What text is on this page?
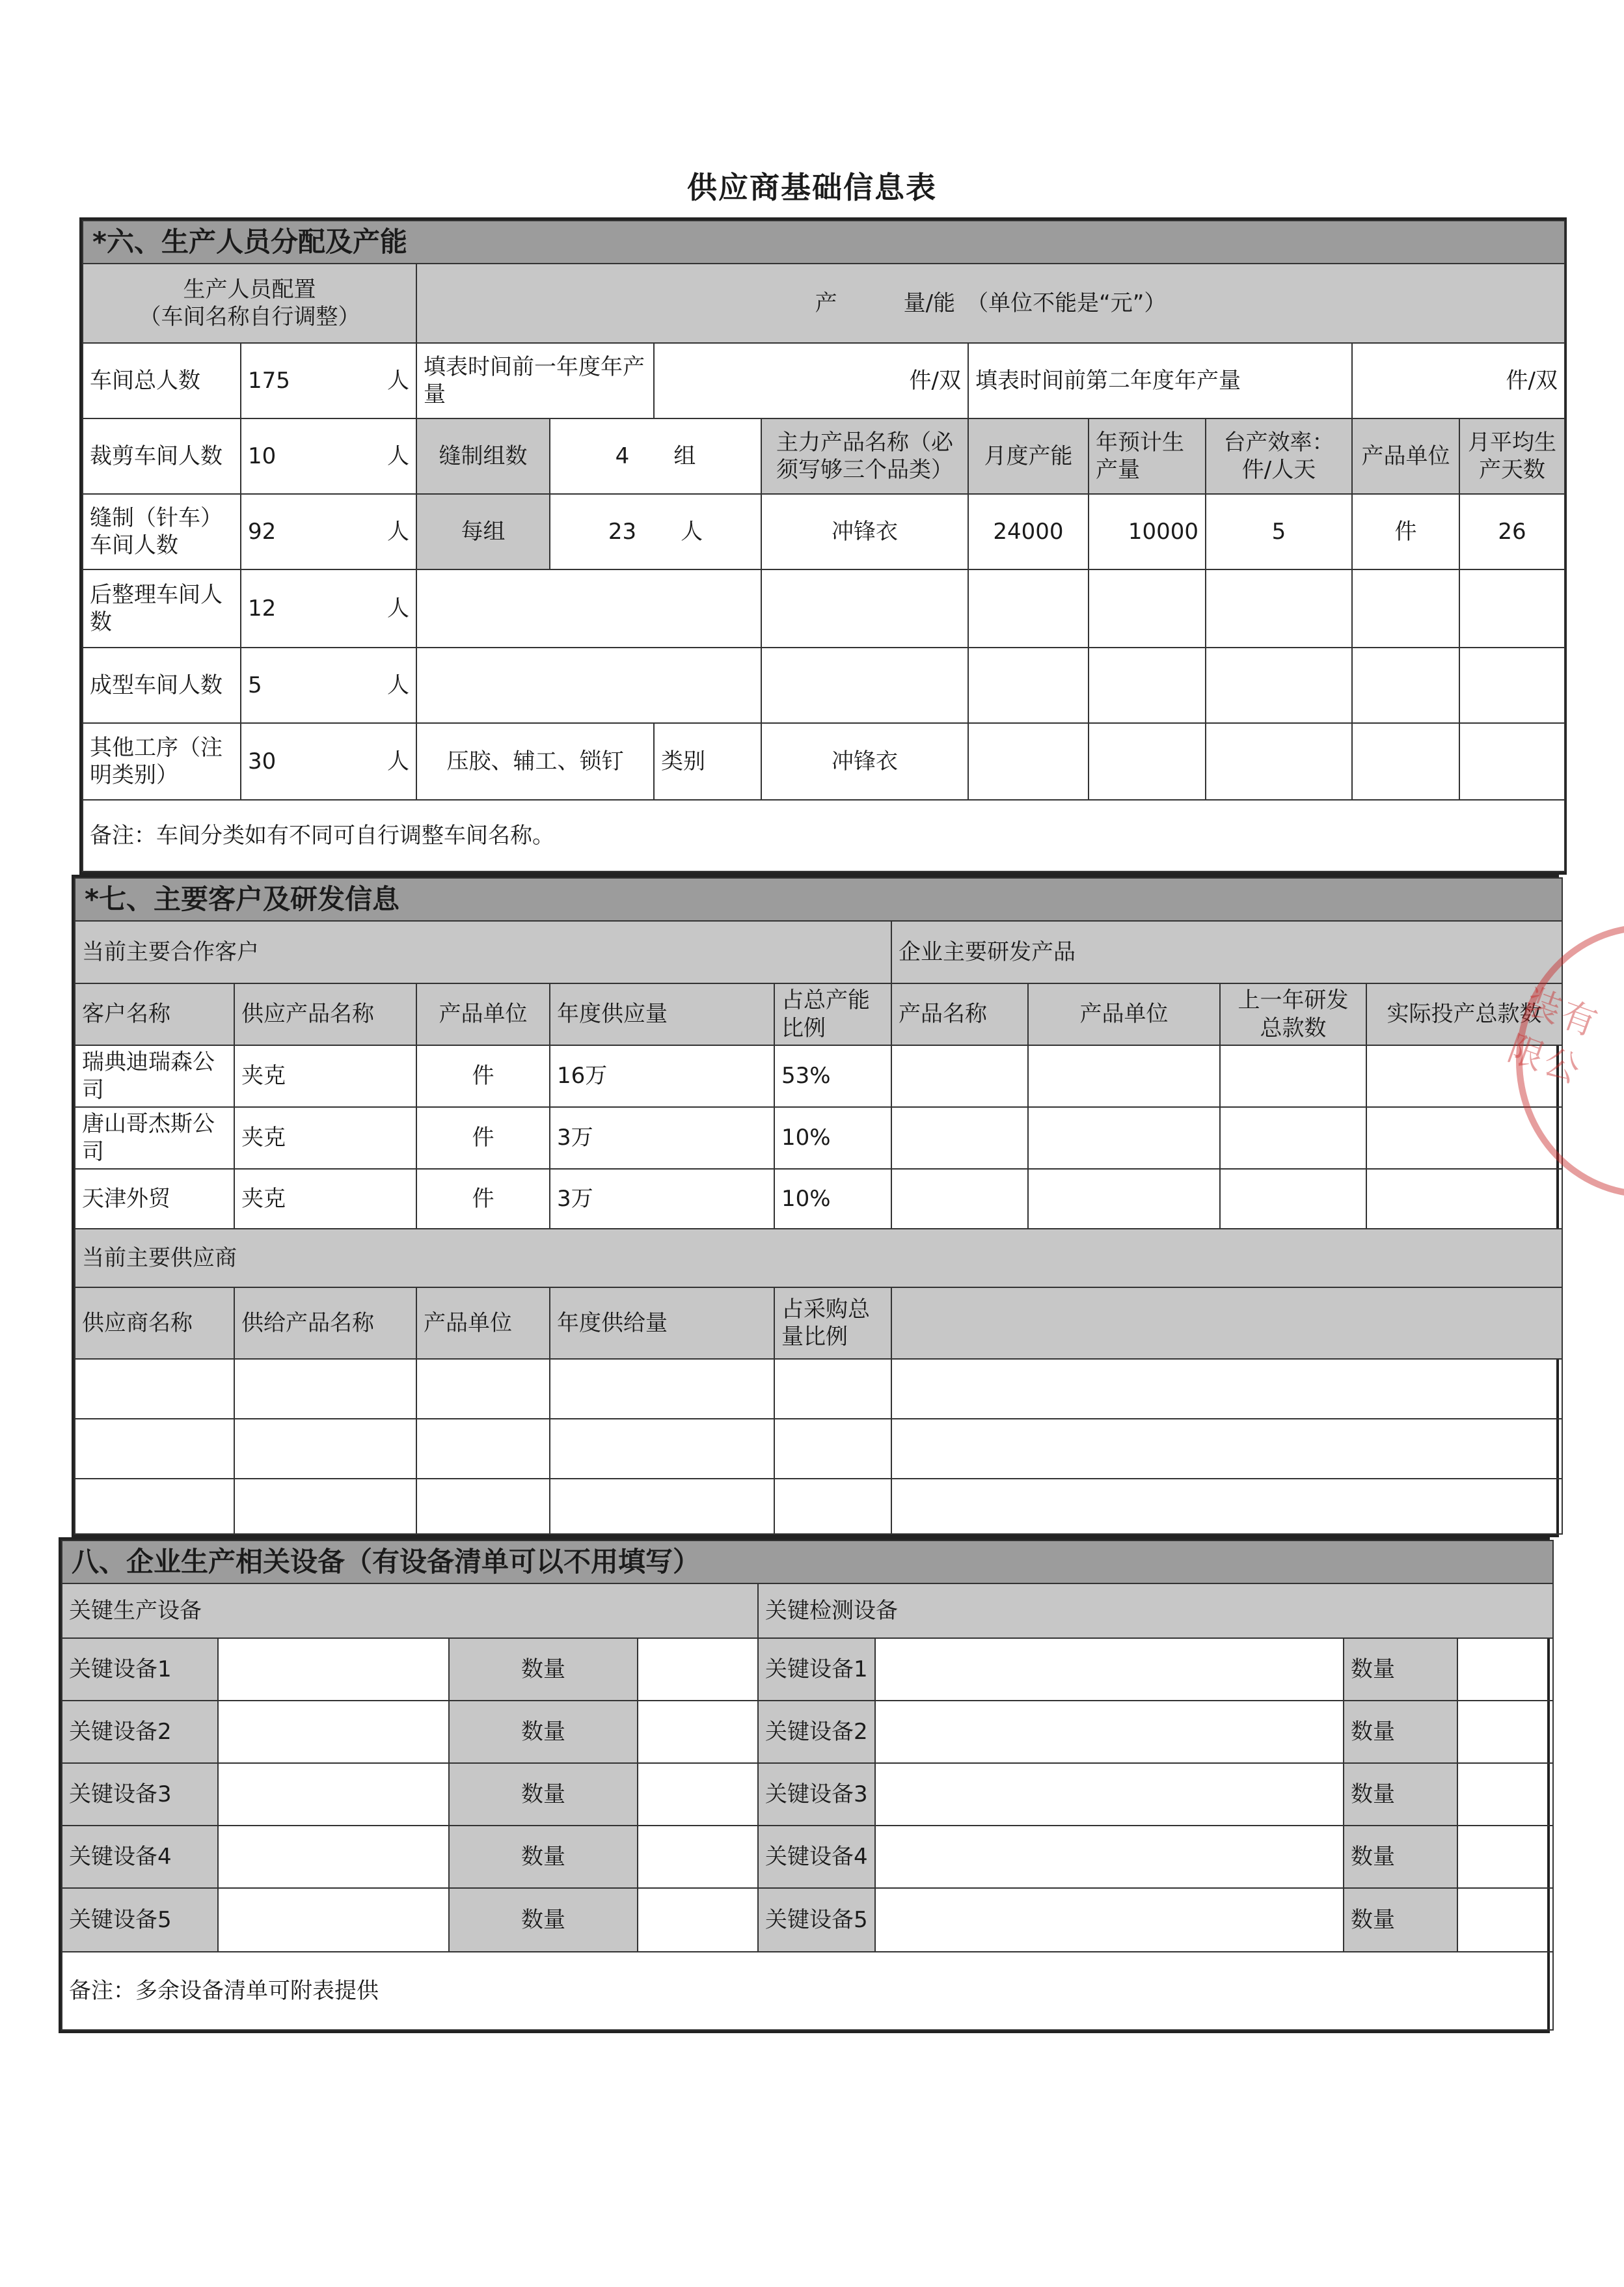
供应商基础信息表
*六、生产人员分配及产能										
生产人员配置
（车间名称自行调整）		产　　　量/能　（单位不能是“元”）								
车间总人数	175 人	填表时间前一年度年产量		件/双		填表时间前第二年度年产量			件/双	
裁剪车间人数	10 人	缝制组数	4　　 组		主力产品名称（必须写够三个品类）	月度产能	年预计生产量	台产效率：件/人天	产品单位	月平均生产天数
缝制（针车）车间人数	92 人	每组	23　　 人		冲锋衣	24000	10000	5	件	26
后整理车间人数	12 人									

成型车间人数	5 人									

其他工序（注明类别）	30 人	压胶、辅工、锁钉		类别	冲锋衣					
备注：车间分类如有不同可自行调整车间名称。										
*七、主要客户及研发信息								
当前主要合作客户					企业主要研发产品			
客户名称	供应产品名称	产品单位	年度供应量	占总产能比例	产品名称	产品单位	上一年研发总款数	实际投产总款数
瑞典迪瑞森公司	夹克	件	16万	53%				
唐山哥杰斯公司	夹克	件	3万	10%				
天津外贸	夹克	件	3万	10%				
当前主要供应商								
供应商名称	供给产品名称	产品单位	年度供给量	占采购总量比例				

八、企业生产相关设备（有设备清单可以不用填写）							
关键生产设备				关键检测设备			
关键设备1		数量		关键设备1		数量	
关键设备2		数量		关键设备2		数量	
关键设备3		数量		关键设备3		数量	
关键设备4		数量		关键设备4		数量	
关键设备5		数量		关键设备5		数量	
备注：多余设备清单可附表提供							
装有限公
